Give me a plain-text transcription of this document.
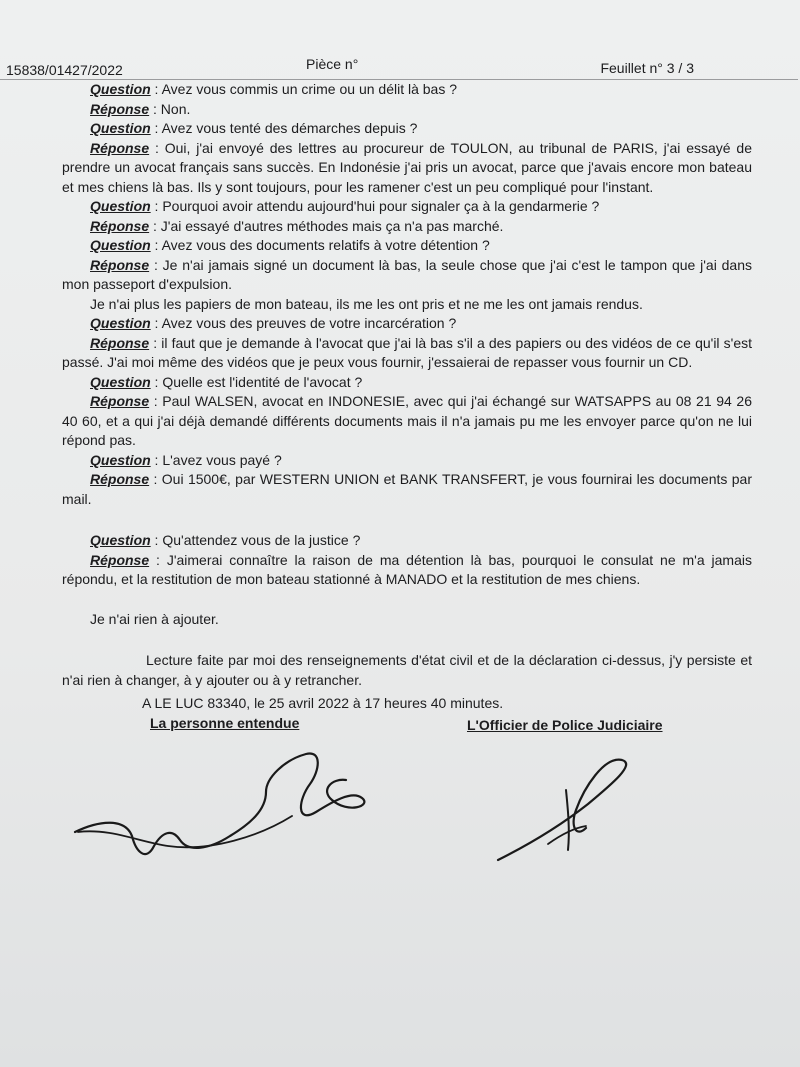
15838/01427/2022	Pièce n°	Feuillet n° 3 / 3

Question : Avez vous commis un crime ou un délit là bas ?

Réponse : Non.

Question : Avez vous tenté des démarches depuis ?

Réponse : Oui, j'ai envoyé des lettres au procureur de TOULON, au tribunal de PARIS, j'ai essayé de prendre un avocat français sans succès. En Indonésie j'ai pris un avocat, parce que j'avais encore mon bateau et mes chiens là bas. Ils y sont toujours, pour les ramener c'est un peu compliqué pour l'instant.

Question : Pourquoi avoir attendu aujourd'hui pour signaler ça à la gendarmerie ?

Réponse : J'ai essayé d'autres méthodes mais ça n'a pas marché.

Question : Avez vous des documents relatifs à votre détention ?

Réponse : Je n'ai jamais signé un document là bas, la seule chose que j'ai c'est le tampon que j'ai dans mon passeport d'expulsion.

Je n'ai plus les papiers de mon bateau, ils me les ont pris et ne me les ont jamais rendus.

Question : Avez vous des preuves de votre incarcération ?

Réponse : il faut que je demande à l'avocat que j'ai là bas s'il a des papiers ou des vidéos de ce qu'il s'est passé. J'ai moi même des vidéos que je peux vous fournir, j'essaierai de repasser vous fournir un CD.

Question : Quelle est l'identité de l'avocat ?

Réponse : Paul WALSEN, avocat en INDONESIE, avec qui j'ai échangé sur WATSAPPS au 08 21 94 26 40 60, et a qui j'ai déjà demandé différents documents mais il n'a jamais pu me les envoyer parce qu'on ne lui répond pas.

Question : L'avez vous payé ?

Réponse : Oui 1500€, par WESTERN UNION et BANK TRANSFERT, je vous fournirai les documents par mail.

Question : Qu'attendez vous de la justice ?

Réponse : J'aimerai connaître la raison de ma détention là bas, pourquoi le consulat ne m'a jamais répondu, et la restitution de mon bateau stationné à MANADO et la restitution de mes chiens.

Je n'ai rien à ajouter.

Lecture faite par moi des renseignements d'état civil et de la déclaration ci-dessus, j'y persiste et n'ai rien à changer, à y ajouter ou à y retrancher.

A LE LUC 83340, le 25 avril 2022 à 17 heures 40 minutes.
La personne entendue	L'Officier de Police Judiciaire
